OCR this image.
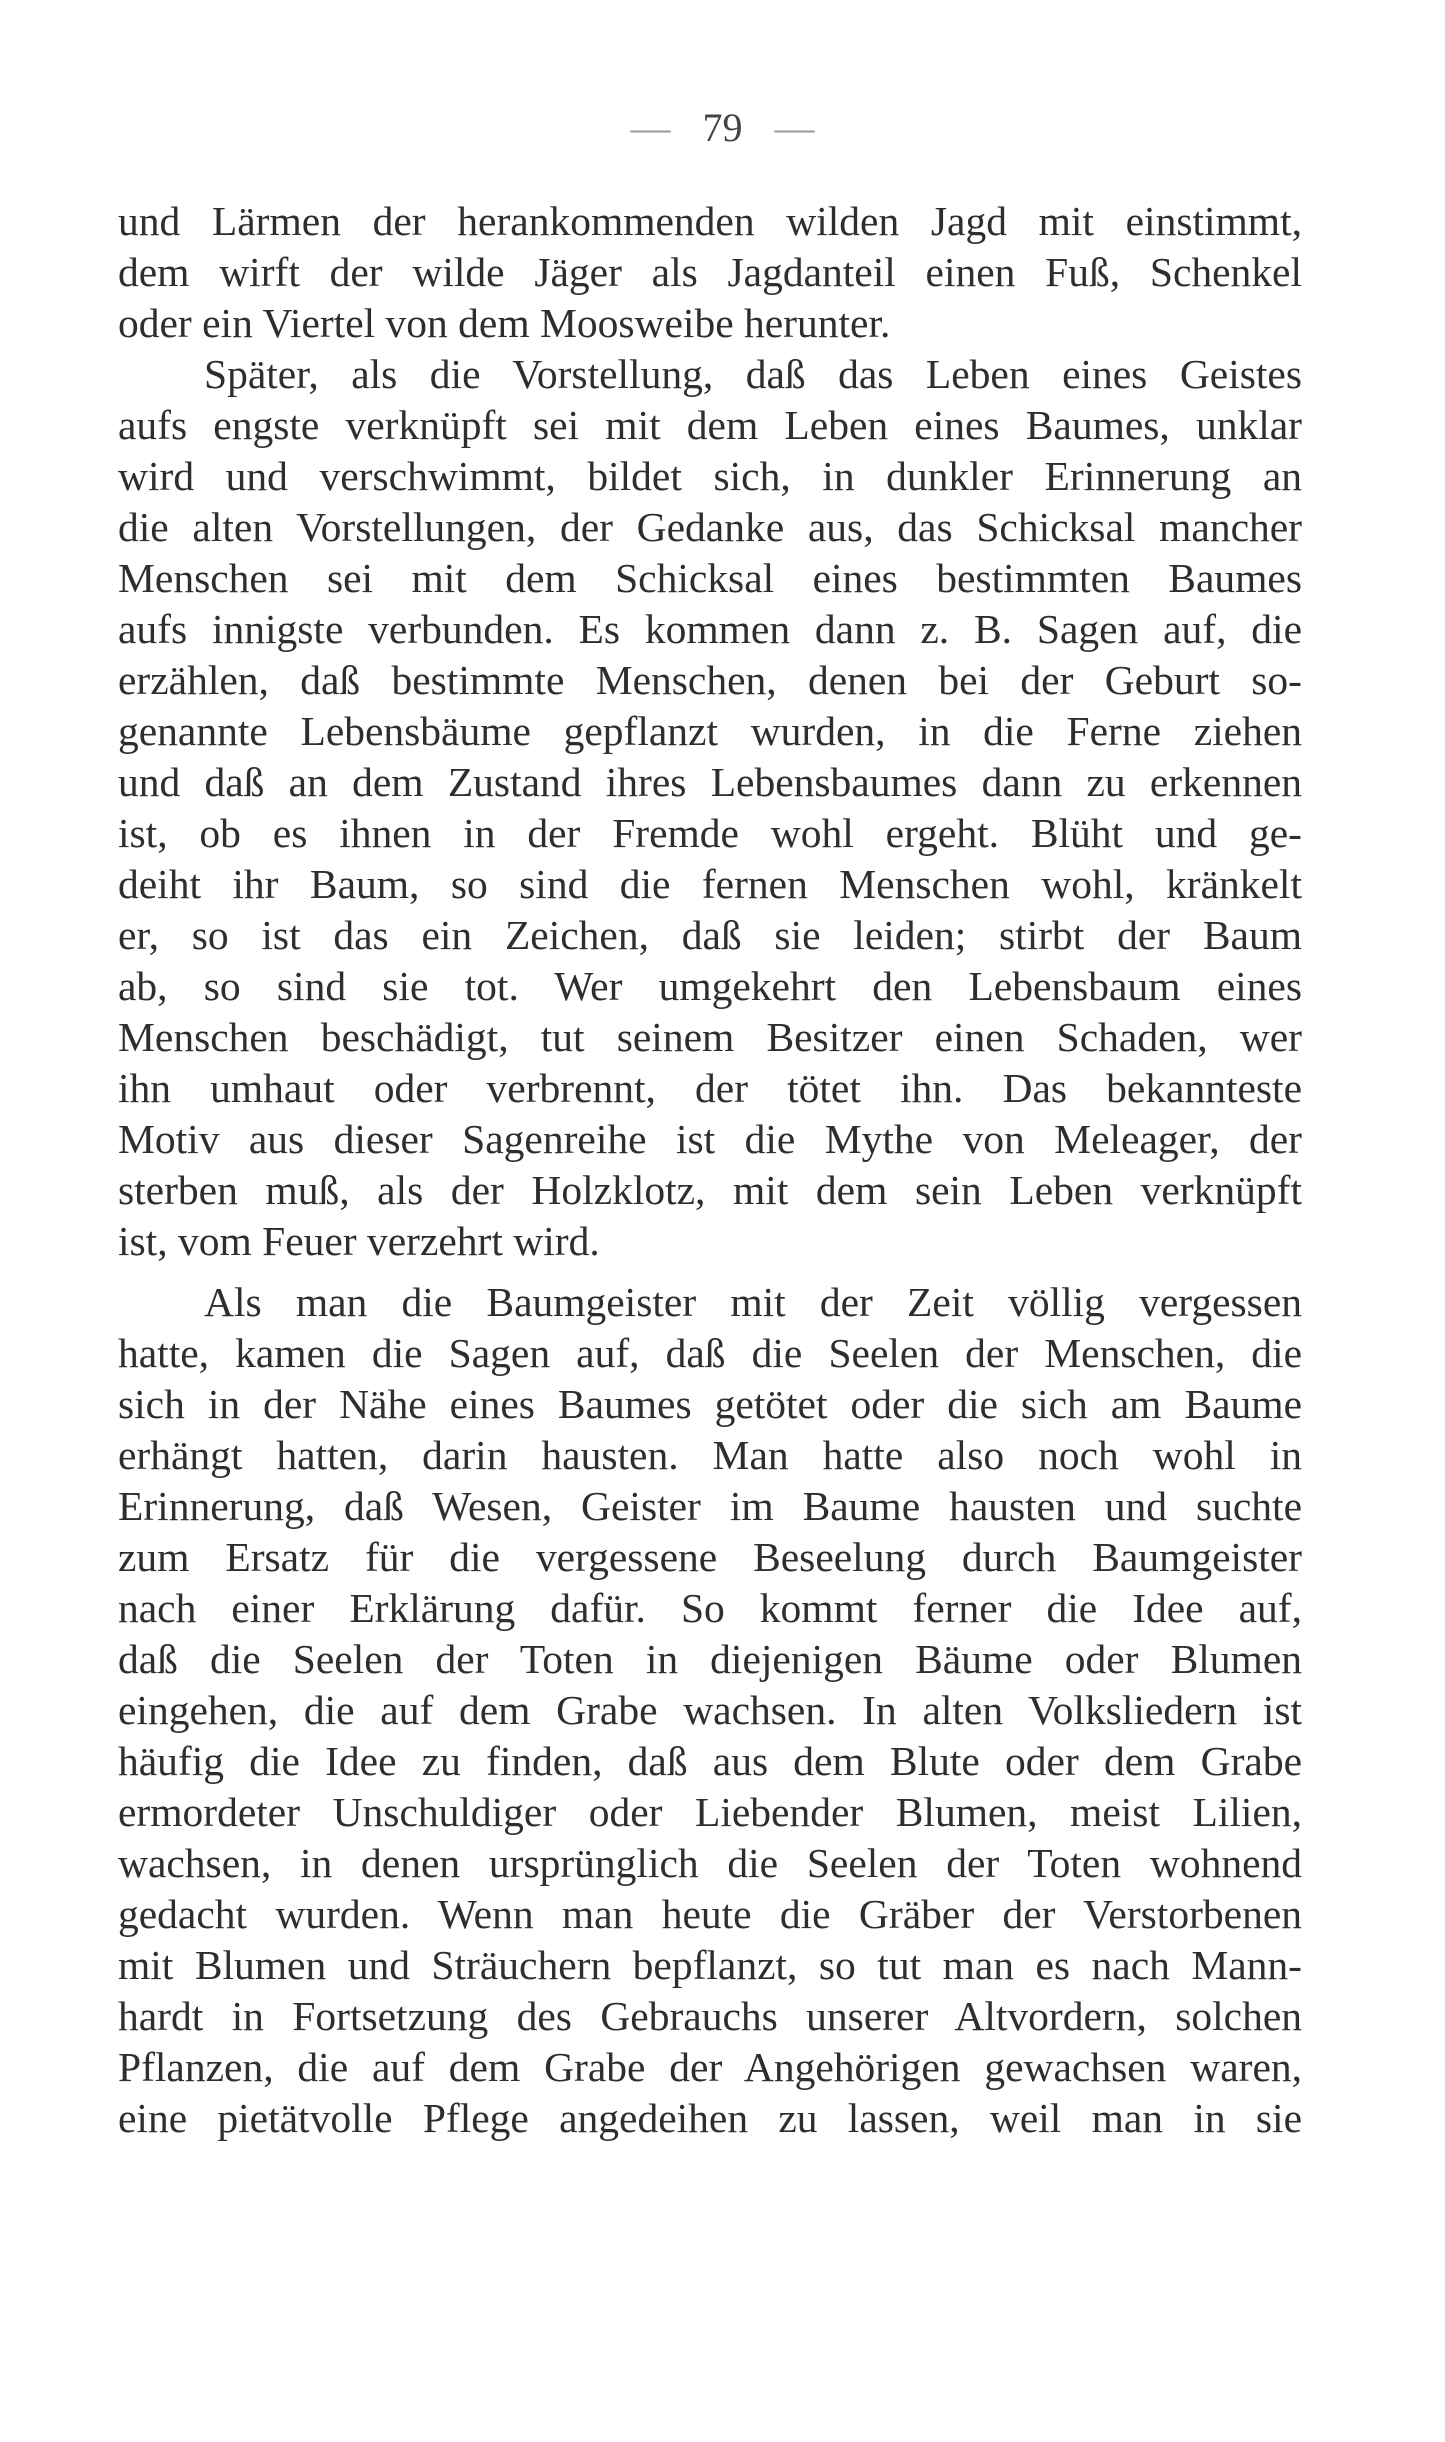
— 79 —
und Lärmen der herankommenden wilden Jagd mit einstimmt,
dem wirft der wilde Jäger als Jagdanteil einen Fuß, Schenkel
oder ein Viertel von dem Moosweibe herunter.
Später, als die Vorstellung, daß das Leben eines Geistes
aufs engste verknüpft sei mit dem Leben eines Baumes, unklar
wird und verschwimmt, bildet sich, in dunkler Erinnerung an
die alten Vorstellungen, der Gedanke aus, das Schicksal mancher
Menschen sei mit dem Schicksal eines bestimmten Baumes
aufs innigste verbunden. Es kommen dann z. B. Sagen auf, die
erzählen, daß bestimmte Menschen, denen bei der Geburt so-
genannte Lebensbäume gepflanzt wurden, in die Ferne ziehen
und daß an dem Zustand ihres Lebensbaumes dann zu erkennen
ist, ob es ihnen in der Fremde wohl ergeht. Blüht und ge-
deiht ihr Baum, so sind die fernen Menschen wohl, kränkelt
er, so ist das ein Zeichen, daß sie leiden; stirbt der Baum
ab, so sind sie tot. Wer umgekehrt den Lebensbaum eines
Menschen beschädigt, tut seinem Besitzer einen Schaden, wer
ihn umhaut oder verbrennt, der tötet ihn. Das bekannteste
Motiv aus dieser Sagenreihe ist die Mythe von Meleager, der
sterben muß, als der Holzklotz, mit dem sein Leben verknüpft
ist, vom Feuer verzehrt wird.
Als man die Baumgeister mit der Zeit völlig vergessen
hatte, kamen die Sagen auf, daß die Seelen der Menschen, die
sich in der Nähe eines Baumes getötet oder die sich am Baume
erhängt hatten, darin hausten. Man hatte also noch wohl in
Erinnerung, daß Wesen, Geister im Baume hausten und suchte
zum Ersatz für die vergessene Beseelung durch Baumgeister
nach einer Erklärung dafür. So kommt ferner die Idee auf,
daß die Seelen der Toten in diejenigen Bäume oder Blumen
eingehen, die auf dem Grabe wachsen. In alten Volksliedern ist
häufig die Idee zu finden, daß aus dem Blute oder dem Grabe
ermordeter Unschuldiger oder Liebender Blumen, meist Lilien,
wachsen, in denen ursprünglich die Seelen der Toten wohnend
gedacht wurden. Wenn man heute die Gräber der Verstorbenen
mit Blumen und Sträuchern bepflanzt, so tut man es nach Mann-
hardt in Fortsetzung des Gebrauchs unserer Altvordern, solchen
Pflanzen, die auf dem Grabe der Angehörigen gewachsen waren,
eine pietätvolle Pflege angedeihen zu lassen, weil man in sie
